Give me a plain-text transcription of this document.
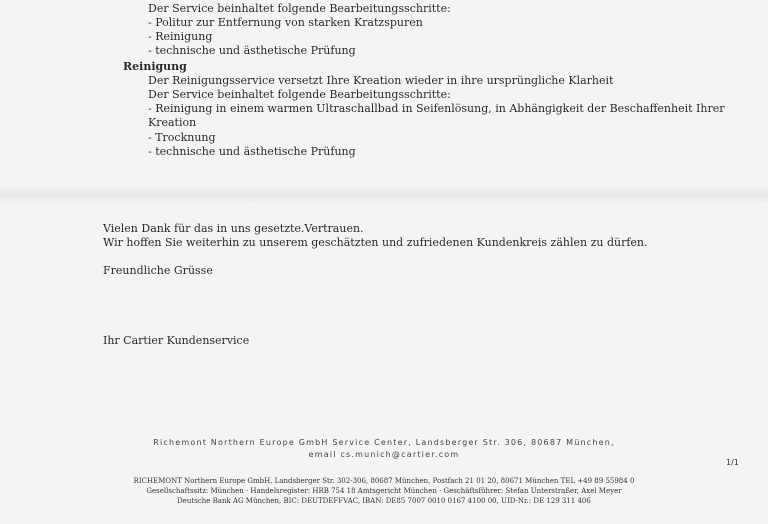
Der Service beinhaltet folgende Bearbeitungsschritte:
- Politur zur Entfernung von starken Kratzspuren
- Reinigung
- technische und ästhetische Prüfung
Reinigung
Der Reinigungsservice versetzt Ihre Kreation wieder in ihre ursprüngliche Klarheit
Der Service beinhaltet folgende Bearbeitungsschritte:
- Reinigung in einem warmen Ultraschallbad in Seifenlösung, in Abhängigkeit der Beschaffenheit Ihrer
- technische und ästhetische Prüfung
- Trocknung
Vielen Dank für das in uns gesetzte.Vertrauen.
Wir hoffen Sie weiterhin zu unserem geschätzten und zufriedenen Kundenkreis zählen zu dürfen.
Freundliche Grüsse
Ihr Cartier Kundenservice
Richemont Northern Europe GmbH Service Center, Landsberger Str. 306, 80687 München,
email cs.munich@cartier.com
1/1
RICHEMONT Northern Europe GmbH, Landsberger Str. 302-306, 80687 München, Postfach 21 01 20, 80671 München TEL +49 89 55984 0
Gesellschaftssitz: München · Handelsregister: HRB 754 18 Amtsgericht München · Geschäftsführer: Stefan Unterstraßer, Axel Meyer
Deutsche Bank AG München, BIC: DEUTDEFFVAC, IBAN: DE85 7007 0010 0167 4100 00, UID-Nr.: DE 129 311 406
Kreation
